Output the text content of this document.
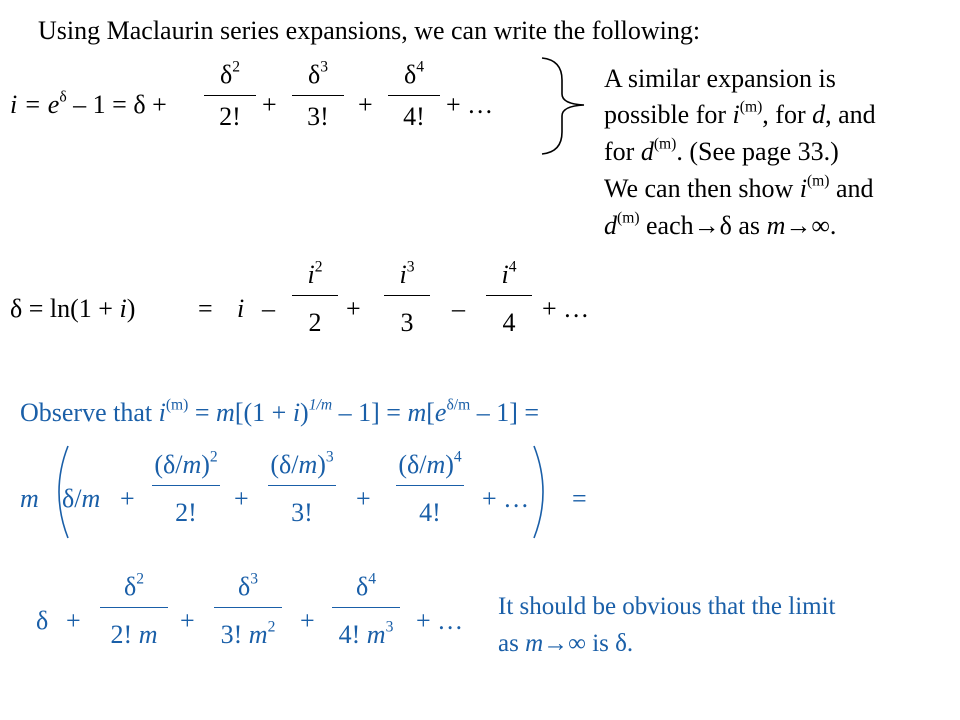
Using Maclaurin series expansions, we can write the following:
$i = e^\delta - 1 = \delta$ +
$\delta^2$
2! +
$\delta^3$
3! +
$\delta^4$
4! + …
A similar expansion is
possible for $i^{(m)}$, for d, and
for $d^{(m)}$. (See page 33.)
We can then show $i^{(m)}$ and
$d^{(m)}$ each→δ as m→∞.
δ = ln(1 + i) = i –
$i^2$
2 +
$i^3$
3 –
$i^4$
4 + …
Observe that $i^{(m)} = m[(1 + i)^{1/m} - 1] = m[e^{\delta/m} - 1]$ =
m δ/m +
$(\delta/m)^2$
2! +
$(\delta/m)^3$
3! +
$(\delta/m)^4$
4! + … =
δ +
$\delta^2$
2! m +
$\delta^3$
3! $m^2$ +
$\delta^4$
4! $m^3$ + … It should be obvious that the limit
as m→∞ is δ.
